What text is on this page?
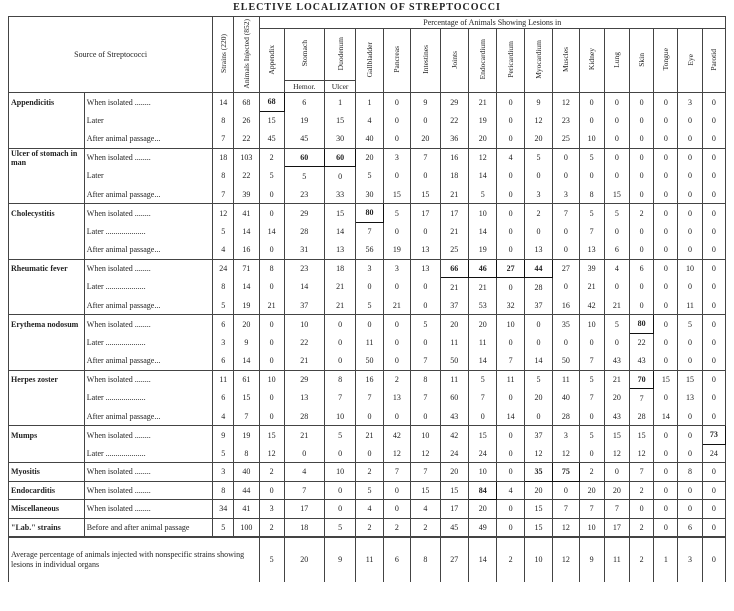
ELECTIVE LOCALIZATION OF STREPTOCOCCI
Source of Streptococci		Strains (220)	Animals Injected (852)	Percentage of Animals Showing Lesions in																
				Appendix	Stomach	Duodenum	Gallbladder	Pancreas	Intestines	Joints	Endocardium	Pericardium	Myocardium	Muscles	Kidney	Lung	Skin	Tongue	Eye	Parotid
					Hemor.	Ulcer														
Appendicitis	When isolated ........	14	68	68	6	1	1	0	9	29	21	0	9	12	0	0	0	0	3	0
	Later	8	26	15	19	15	4	0	0	22	19	0	12	23	0	0	0	0	0	0
	After animal passage...	7	22	45	45	30	40	0	20	36	20	0	20	25	10	0	0	0	0	0
Ulcer of stomach in man	When isolated ........	18	103	2	60	60	20	3	7	16	12	4	5	0	5	0	0	0	0	0
	Later	8	22	5	5	0	5	0	0	18	14	0	0	0	0	0	0	0	0	0
	After animal passage...	7	39	0	23	33	30	15	15	21	5	0	3	3	8	15	0	0	0	0
Cholecystitis	When isolated ........	12	41	0	29	15	80	5	17	17	10	0	2	7	5	5	2	0	0	0
	Later ....................	5	14	14	28	14	7	0	0	21	14	0	0	0	7	0	0	0	0	0
	After animal passage...	4	16	0	31	13	56	19	13	25	19	0	13	0	13	6	0	0	0	0
Rheumatic fever	When isolated ........	24	71	8	23	18	3	3	13	66	46	27	44	27	39	4	6	0	10	0
	Later ....................	8	14	0	14	21	0	0	0	21	21	0	28	0	21	0	0	0	0	0
	After animal passage...	5	19	21	37	21	5	21	0	37	53	32	37	16	42	21	0	0	11	0
Erythema nodosum	When isolated ........	6	20	0	10	0	0	0	5	20	20	10	0	35	10	5	80	0	5	0
	Later ....................	3	9	0	22	0	11	0	0	11	11	0	0	0	0	0	22	0	0	0
	After animal passage...	6	14	0	21	0	50	0	7	50	14	7	14	50	7	43	43	0	0	0
Herpes zoster	When isolated ........	11	61	10	29	8	16	2	8	11	5	11	5	11	5	21	70	15	15	0
	Later ....................	6	15	0	13	7	7	13	7	60	7	0	20	40	7	20	7	0	13	0
	After animal passage...	4	7	0	28	10	0	0	0	43	0	14	0	28	0	43	28	14	0	0
Mumps	When isolated ........	9	19	15	21	5	21	42	10	42	15	0	37	3	5	15	15	0	0	73
	Later ....................	5	8	12	0	0	0	12	12	24	24	0	12	12	0	12	12	0	0	24
Myositis	When isolated ........	3	40	2	4	10	2	7	7	20	10	0	35	75	2	0	7	0	8	0
Endocarditis	When isolated ........	8	44	0	7	0	5	0	15	15	84	4	20	0	20	20	2	0	0	0
Miscellaneous	When isolated ........	34	41	3	17	0	4	0	4	17	20	0	15	7	7	7	0	0	0	0
"Lab." strains	Before and after animal passage	5	100	2	18	5	2	2	2	45	49	0	15	12	10	17	2	0	6	0
Average percentage of animals injected with nonspecific strains showing lesions in individual organs				5	20	9	11	6	8	27	14	2	10	12	9	11	2	1	3	0
